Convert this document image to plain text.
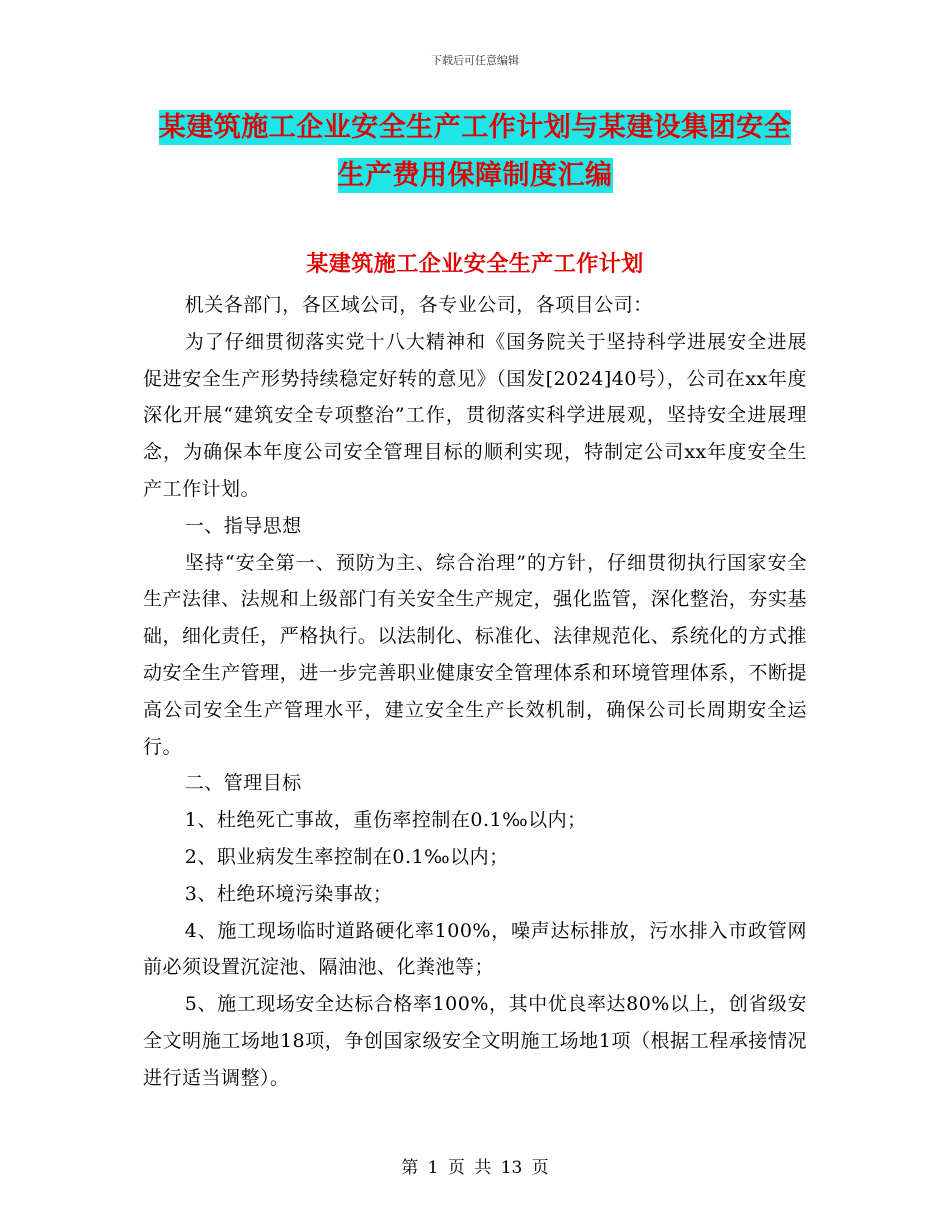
下载后可任意编辑
某建筑施工企业安全生产工作计划与某建设集团安全
生产费用保障制度汇编
某建筑施工企业安全生产工作计划

机关各部门，各区域公司，各专业公司，各项目公司：

为了仔细贯彻落实党十八大精神和《国务院关于坚持科学进展安全进展促进安全生产形势持续稳定好转的意见》（国发[2024]40号），公司在xx年度深化开展“建筑安全专项整治”工作，贯彻落实科学进展观，坚持安全进展理念，为确保本年度公司安全管理目标的顺利实现，特制定公司xx年度安全生产工作计划。

一、指导思想

坚持“安全第一、预防为主、综合治理”的方针，仔细贯彻执行国家安全生产法律、法规和上级部门有关安全生产规定，强化监管，深化整治，夯实基础，细化责任，严格执行。以法制化、标准化、法律规范化、系统化的方式推动安全生产管理，进一步完善职业健康安全管理体系和环境管理体系，不断提高公司安全生产管理水平，建立安全生产长效机制，确保公司长周期安全运行。

二、管理目标

1、杜绝死亡事故，重伤率控制在0.1‰以内；

2、职业病发生率控制在0.1‰以内；

3、杜绝环境污染事故；

4、施工现场临时道路硬化率100%，噪声达标排放，污水排入市政管网前必须设置沉淀池、隔油池、化粪池等；

5、施工现场安全达标合格率100%，其中优良率达80%以上，创省级安全文明施工场地18项，争创国家级安全文明施工场地1项（根据工程承接情况进行适当调整）。

第 1 页 共 13 页
